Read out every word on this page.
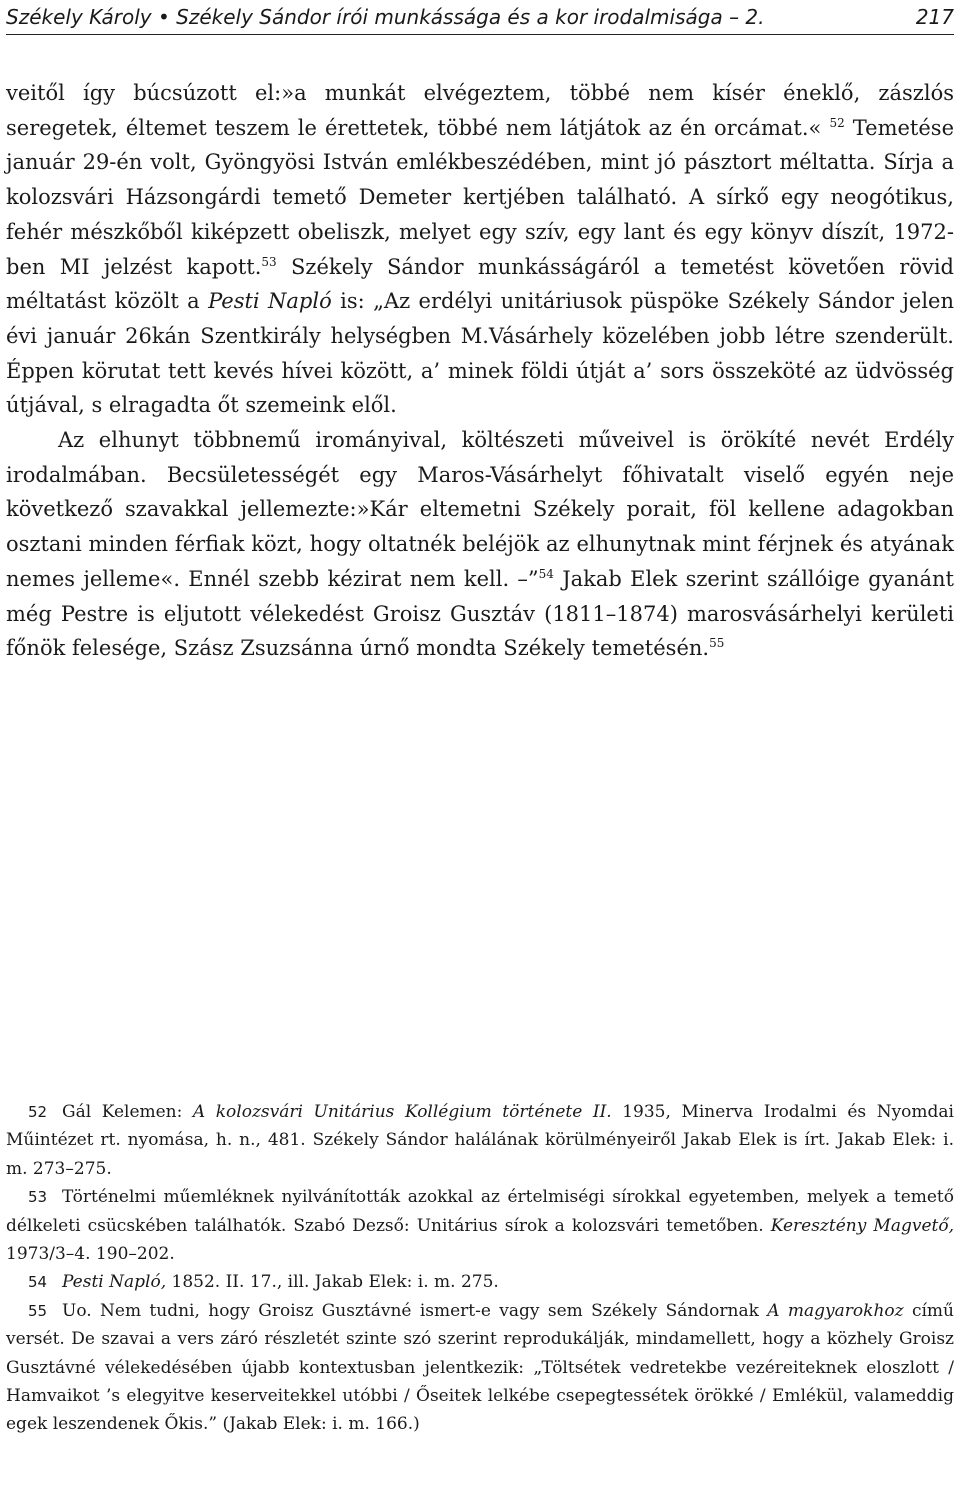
Székely Károly • Székely Sándor írói munkássága és a kor irodalmisága – 2.	217

veitől így búcsúzott el:»a munkát elvégeztem, többé nem kísér éneklő, zászlós seregetek, éltemet teszem le érettetek, többé nem látjátok az én orcámat.« $^{52}$ Temetése január 29-én volt, Gyöngyösi István emlékbeszédében, mint jó pásztort méltatta. Sírja a kolozsvári Házsongárdi temető Demeter kertjében található. A sírkő egy neogótikus, fehér mészkőből kiképzett obeliszk, melyet egy szív, egy lant és egy könyv díszít, 1972-ben MI jelzést kapott.$^{53}$ Székely Sándor munkásságáról a temetést követően rövid méltatást közölt a Pesti Napló is: „Az erdélyi unitáriusok püspöke Székely Sándor jelen évi január 26kán Szentkirály helységben M.Vásárhely közelében jobb létre szenderült. Éppen körutat tett kevés hívei között, a’ minek földi útját a’ sors összeköté az üdvösség útjával, s elragadta őt szemeink elől.

Az elhunyt többnemű irományival, költészeti műveivel is örökíté nevét Erdély irodalmában. Becsületességét egy Maros-Vásárhelyt főhivatalt viselő egyén neje következő szavakkal jellemezte:»Kár eltemetni Székely porait, föl kellene adagokban osztani minden férfiak közt, hogy oltatnék beléjök az elhunytnak mint férjnek és atyának nemes jelleme«. Ennél szebb kézirat nem kell. –”$^{54}$ Jakab Elek szerint szállóige gyanánt még Pestre is eljutott vélekedést Groisz Gusztáv (1811–1874) marosvásárhelyi kerületi főnök felesége, Szász Zsuzsánna úrnő mondta Székely temetésén.$^{55}$

52 Gál Kelemen: A kolozsvári Unitárius Kollégium története II. 1935, Minerva Irodalmi és Nyomdai Műintézet rt. nyomása, h. n., 481. Székely Sándor halálának körülményeiről Jakab Elek is írt. Jakab Elek: i. m. 273–275.

53 Történelmi műemléknek nyilvánították azokkal az értelmiségi sírokkal egyetemben, melyek a temető délkeleti csücskében találhatók. Szabó Dezső: Unitárius sírok a kolozsvári temetőben. Keresztény Magvető, 1973/3–4. 190–202.

54 Pesti Napló, 1852. II. 17., ill. Jakab Elek: i. m. 275.

55 Uo. Nem tudni, hogy Groisz Gusztávné ismert-e vagy sem Székely Sándornak A magyarokhoz című versét. De szavai a vers záró részletét szinte szó szerint reprodukálják, mindamellett, hogy a közhely Groisz Gusztávné vélekedésében újabb kontextusban jelentkezik: „Töltsétek vedretekbe vezéreiteknek eloszlott / Hamvaikot ’s elegyitve keserveitekkel utóbbi / Őseitek lelkébe csepegtessétek örökké / Emlékül, valameddig egek leszendenek Őkis.” (Jakab Elek: i. m. 166.)
